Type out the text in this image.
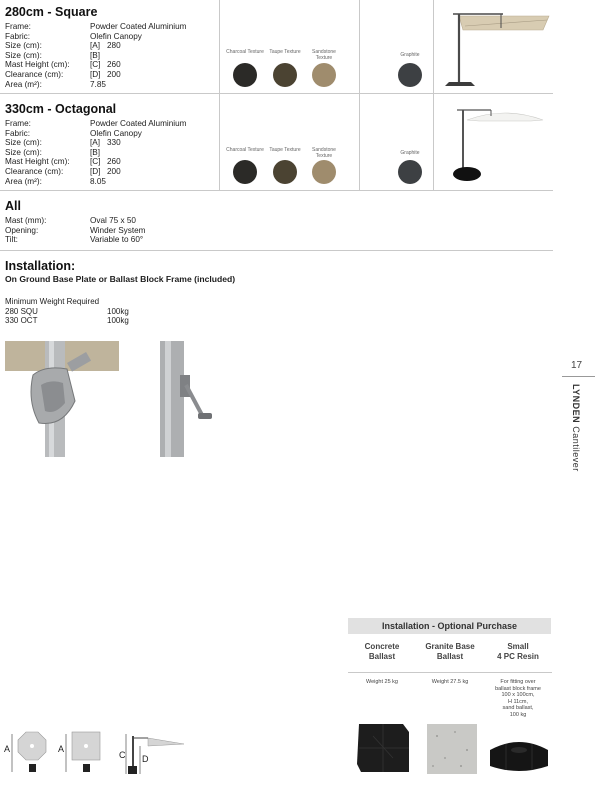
280cm - Square
Frame:	Powder Coated Aluminium
Fabric:	Olefin Canopy
Size (cm):	[A] 280
Size (cm):	[B]
Mast Height (cm): [C] 260
Clearance (cm):	[D] 200
Area (m²):	7.85
Charcoal Texture	Taupe Texture	Sandstone Texture	Graphite
330cm - Octagonal
Frame:	Powder Coated Aluminium
Fabric:	Olefin Canopy
Size (cm):	[A] 330
Size (cm):	[B]
Mast Height (cm): [C] 260
Clearance (cm):	[D] 200
Area (m²):	8.05
Charcoal Texture	Taupe Texture	Sandstone Texture	Graphite
All
Mast (mm):	Oval 75 x 50
Opening:	Winder System
Tilt:	Variable to 60°
Installation:
On Ground Base Plate or Ballast Block Frame (included)
Minimum Weight Required
280 SQU	100kg
330 OCT	100kg
17
LYNDEN Cantilever
A	A
C D
Installation - Optional Purchase
Concrete
Ballast
Weight 25 kg
Granite Base
Ballast
Weight 27.5 kg
Small
4 PC Resin
For fitting over
ballast block frame
100 x 100cm,
H 11cm,
sand ballast,
100 kg
